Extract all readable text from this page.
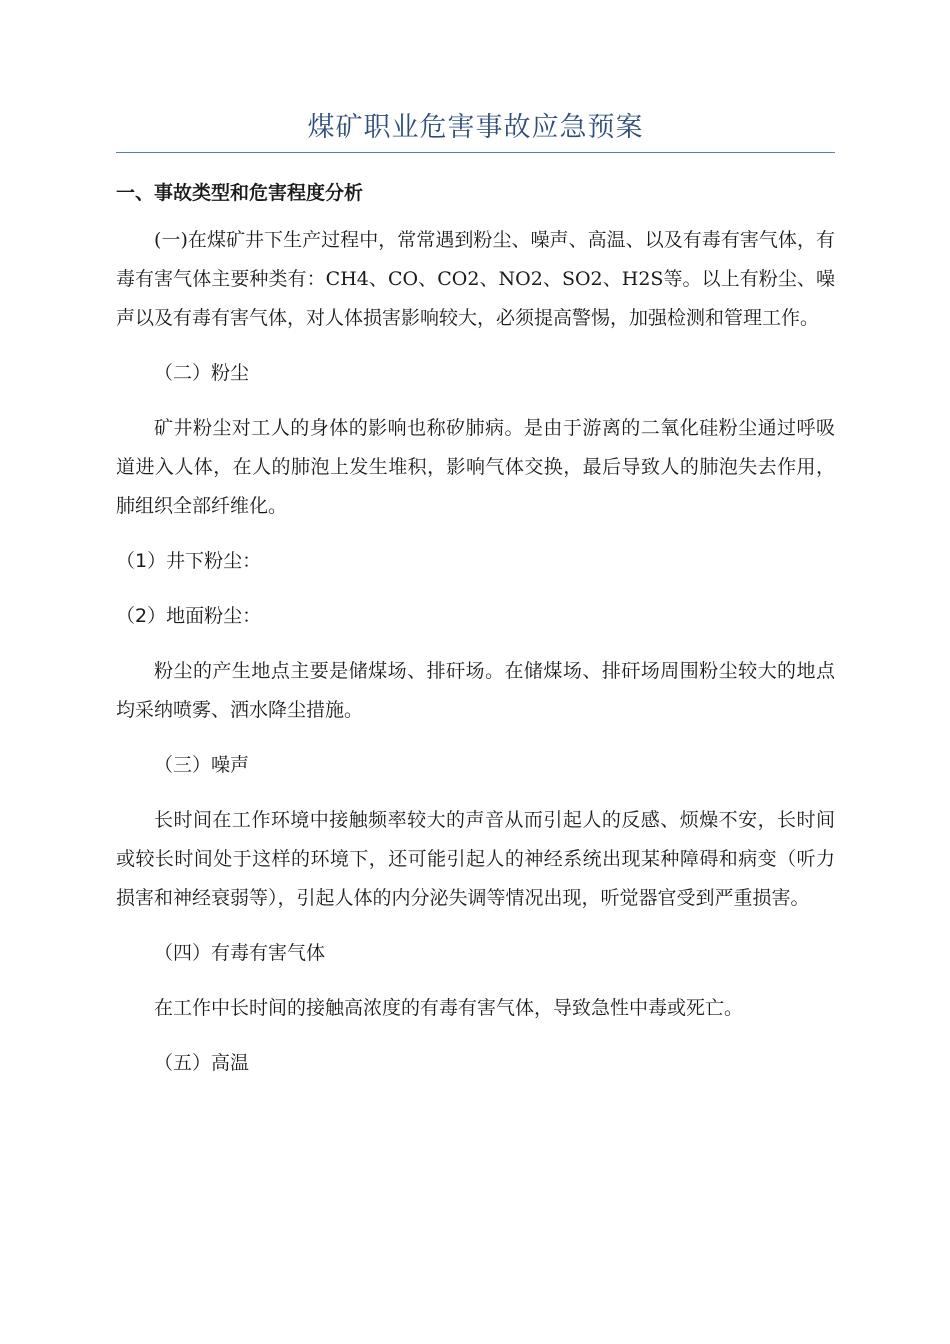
煤矿职业危害事故应急预案
一、事故类型和危害程度分析

(一)在煤矿井下生产过程中，常常遇到粉尘、噪声、高温、以及有毒有害气体，有毒有害气体主要种类有：CH4、CO、CO2、NO2、SO2、H2S等。以上有粉尘、噪声以及有毒有害气体，对人体损害影响较大，必须提高警惕，加强检测和管理工作。

（二）粉尘

矿井粉尘对工人的身体的影响也称矽肺病。是由于游离的二氧化硅粉尘通过呼吸道进入人体，在人的肺泡上发生堆积，影响气体交换，最后导致人的肺泡失去作用，肺组织全部纤维化。

（1）井下粉尘：

（2）地面粉尘：

粉尘的产生地点主要是储煤场、排矸场。在储煤场、排矸场周围粉尘较大的地点均采纳喷雾、洒水降尘措施。

（三）噪声

长时间在工作环境中接触频率较大的声音从而引起人的反感、烦燥不安，长时间或较长时间处于这样的环境下，还可能引起人的神经系统出现某种障碍和病变（听力损害和神经衰弱等），引起人体的内分泌失调等情况出现，听觉器官受到严重损害。

（四）有毒有害气体

在工作中长时间的接触高浓度的有毒有害气体，导致急性中毒或死亡。

（五）高温
